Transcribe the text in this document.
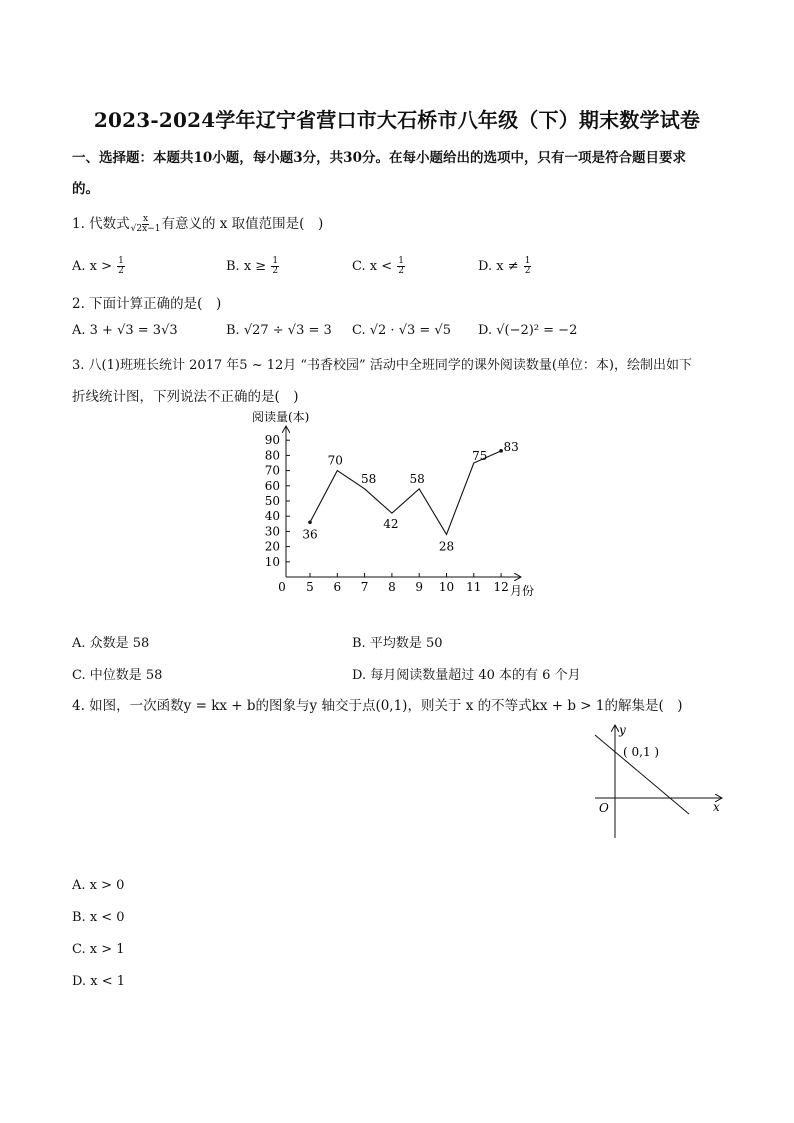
2023-2024学年辽宁省营口市大石桥市八年级（下）期末数学试卷
一、选择题：本题共10小题，每小题3分，共30分。在每小题给出的选项中，只有一项是符合题目要求
的。
1. 代数式 $\frac{x}{√2x-1}$ 有意义的 x 取值范围是(　)
A. $x > \frac{1}{2}$	B. $x \ge \frac{1}{2}$	C. $x < \frac{1}{2}$	D. $x \ne \frac{1}{2}$
2. 下面计算正确的是(　)
A. 3 + √3 = 3√3	B. √27 ÷ √3 = 3 C. √2 · √3 = √5 D. √(−2)² = −2
3. 八(1)班班长统计 2017 年5 ~ 12月 “书香校园” 活动中全班同学的课外阅读数量(单位：本)，绘制出如下
折线统计图，下列说法不正确的是(　)
阅读量(本)
月份
10
20
30
40
50
60
70
80
90
0 5 6 7 8 9 10 11 12
36
70
58
42
58
28
75
83
A. 众数是 58	B. 平均数是 50
C. 中位数是 58	D. 每月阅读数量超过 40 本的有 6 个月
4. 如图，一次函数y = kx + b的图象与y 轴交于点(0,1)，则关于 x 的不等式kx + b > 1的解集是(　)
y
x
O
( 0,1 )
A. x > 0
B. x < 0
C. x > 1
D. x < 1
